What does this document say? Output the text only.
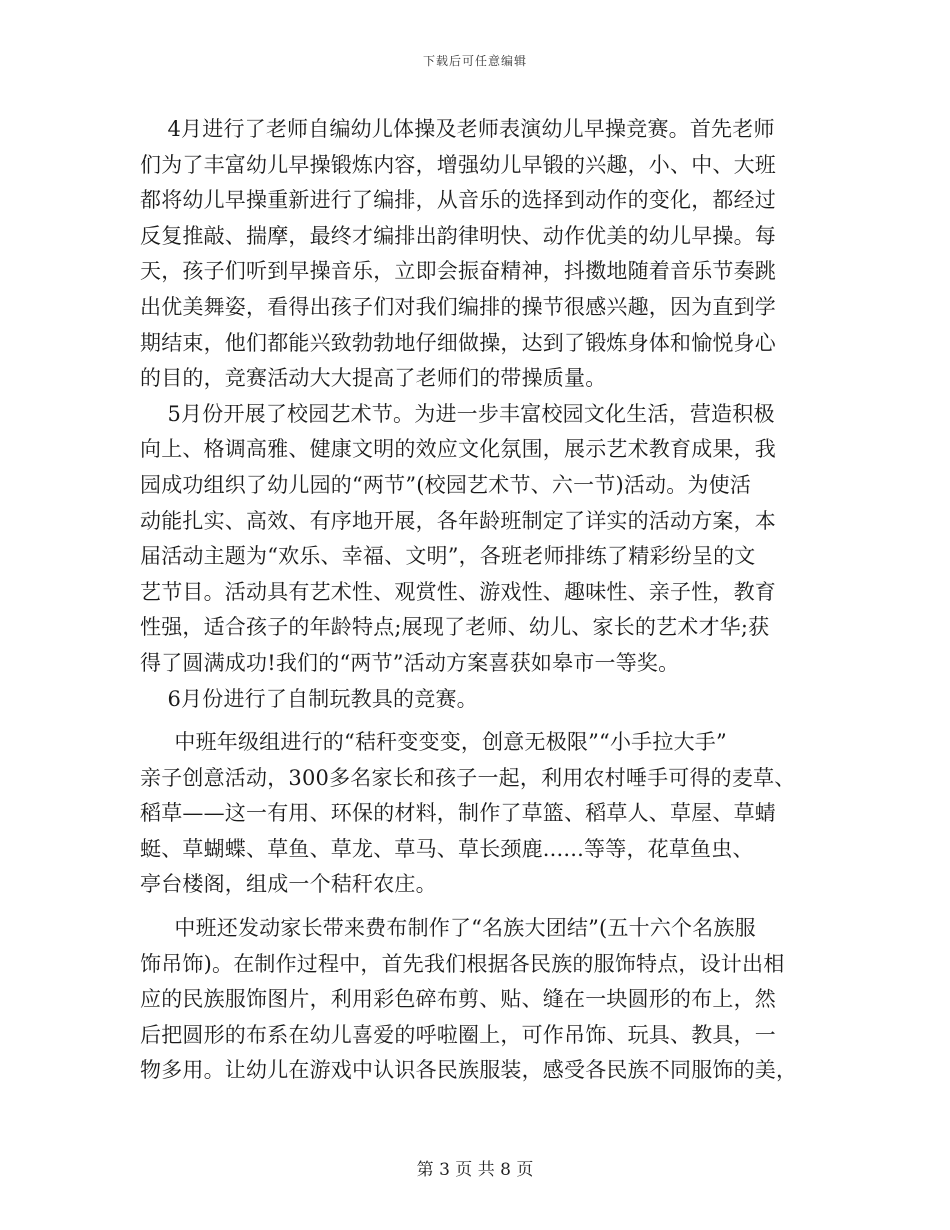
下载后可任意编辑
4月进行了老师自编幼儿体操及老师表演幼儿早操竞赛。首先老师
们为了丰富幼儿早操锻炼内容，增强幼儿早锻的兴趣，小、中、大班
都将幼儿早操重新进行了编排，从音乐的选择到动作的变化，都经过
反复推敲、揣摩，最终才编排出韵律明快、动作优美的幼儿早操。每
天，孩子们听到早操音乐，立即会振奋精神，抖擞地随着音乐节奏跳
出优美舞姿，看得出孩子们对我们编排的操节很感兴趣，因为直到学
期结束，他们都能兴致勃勃地仔细做操，达到了锻炼身体和愉悦身心
的目的，竞赛活动大大提高了老师们的带操质量。
5月份开展了校园艺术节。为进一步丰富校园文化生活，营造积极
向上、格调高雅、健康文明的效应文化氛围，展示艺术教育成果，我
园成功组织了幼儿园的“两节”(校园艺术节、六一节)活动。为使活
动能扎实、高效、有序地开展，各年龄班制定了详实的活动方案，本
届活动主题为“欢乐、幸福、文明”，各班老师排练了精彩纷呈的文
艺节目。活动具有艺术性、观赏性、游戏性、趣味性、亲子性，教育
性强，适合孩子的年龄特点;展现了老师、幼儿、家长的艺术才华;获
得了圆满成功!我们的“两节”活动方案喜获如皋市一等奖。
6月份进行了自制玩教具的竞赛。
中班年级组进行的“秸秆变变变，创意无极限”“小手拉大手”
亲子创意活动，300多名家长和孩子一起，利用农村唾手可得的麦草、
稻草——这一有用、环保的材料，制作了草篮、稻草人、草屋、草蜻
蜓、草蝴蝶、草鱼、草龙、草马、草长颈鹿......等等，花草鱼虫、
亭台楼阁，组成一个秸秆农庄。
中班还发动家长带来费布制作了“名族大团结”(五十六个名族服
饰吊饰)。在制作过程中，首先我们根据各民族的服饰特点，设计出相
应的民族服饰图片，利用彩色碎布剪、贴、缝在一块圆形的布上，然
后把圆形的布系在幼儿喜爱的呼啦圈上，可作吊饰、玩具、教具，一
物多用。让幼儿在游戏中认识各民族服装，感受各民族不同服饰的美，
第 3 页 共 8 页
